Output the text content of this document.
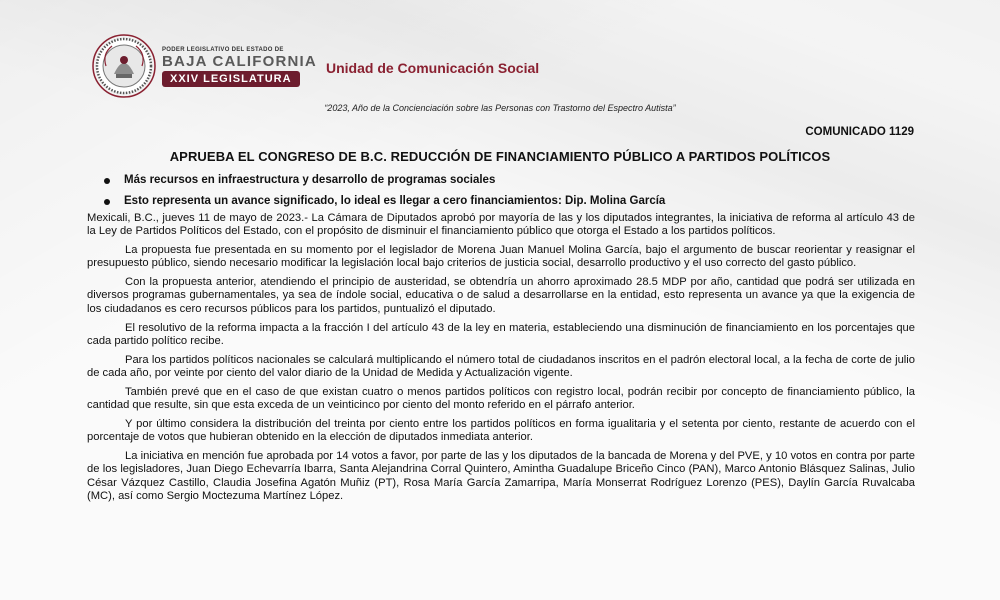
PODER LEGISLATIVO DEL ESTADO DE
BAJA CALIFORNIA
XXIV LEGISLATURA
Unidad de Comunicación Social
“2023, Año de la Concienciación sobre las Personas con Trastorno del Espectro Autista”
COMUNICADO 1129
APRUEBA EL CONGRESO DE B.C. REDUCCIÓN DE FINANCIAMIENTO PÚBLICO A PARTIDOS POLÍTICOS
Más recursos en infraestructura y desarrollo de programas sociales
Esto representa un avance significado, lo ideal es llegar a cero financiamientos: Dip. Molina García

Mexicali, B.C., jueves 11 de mayo de 2023.- La Cámara de Diputados aprobó por mayoría de las y los diputados integrantes, la iniciativa de reforma al artículo 43 de la Ley de Partidos Políticos del Estado, con el propósito de disminuir el financiamiento público que otorga el Estado a los partidos políticos.

La propuesta fue presentada en su momento por el legislador de Morena Juan Manuel Molina García, bajo el argumento de buscar reorientar y reasignar el presupuesto público, siendo necesario modificar la legislación local bajo criterios de justicia social, desarrollo productivo y el uso correcto del gasto público.

Con la propuesta anterior, atendiendo el principio de austeridad, se obtendría un ahorro aproximado 28.5 MDP por año, cantidad que podrá ser utilizada en diversos programas gubernamentales, ya sea de índole social, educativa o de salud a desarrollarse en la entidad, esto representa un avance ya que la exigencia de los ciudadanos es cero recursos públicos para los partidos, puntualizó el diputado.

El resolutivo de la reforma impacta a la fracción I del artículo 43 de la ley en materia, estableciendo una disminución de financiamiento en los porcentajes que cada partido político recibe.

Para los partidos políticos nacionales se calculará multiplicando el número total de ciudadanos inscritos en el padrón electoral local, a la fecha de corte de julio de cada año, por veinte por ciento del valor diario de la Unidad de Medida y Actualización vigente.

También prevé que en el caso de que existan cuatro o menos partidos políticos con registro local, podrán recibir por concepto de financiamiento público, la cantidad que resulte, sin que esta exceda de un veinticinco por ciento del monto referido en el párrafo anterior.

Y por último considera la distribución del treinta por ciento entre los partidos políticos en forma igualitaria y el setenta por ciento, restante de acuerdo con el porcentaje de votos que hubieran obtenido en la elección de diputados inmediata anterior.

La iniciativa en mención fue aprobada por 14 votos a favor, por parte de las y los diputados de la bancada de Morena y del PVE, y 10 votos en contra por parte de los legisladores, Juan Diego Echevarría Ibarra, Santa Alejandrina Corral Quintero, Amintha Guadalupe Briceño Cinco (PAN), Marco Antonio Blásquez Salinas, Julio César Vázquez Castillo, Claudia Josefina Agatón Muñiz (PT), Rosa María García Zamarripa, María Monserrat Rodríguez Lorenzo (PES), Daylín García Ruvalcaba (MC), así como Sergio Moctezuma Martínez López.
